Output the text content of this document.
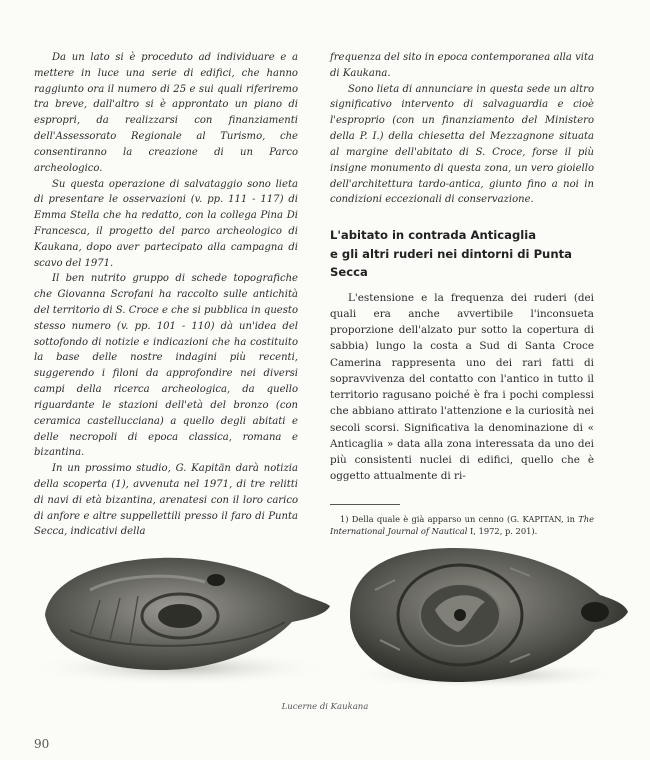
Da un lato si è proceduto ad individuare e a mettere in luce una serie di edifici, che hanno raggiunto ora il numero di 25 e sui quali riferiremo tra breve, dall'altro si è approntato un piano di espropri, da realizzarsi con finanziamenti dell'Assessorato Regionale al Turismo, che consentiranno la creazione di un Parco archeologico.

Su questa operazione di salvataggio sono lieta di presentare le osservazioni (v. pp. 111 - 117) di Emma Stella che ha redatto, con la collega Pina Di Francesca, il progetto del parco archeologico di Kaukana, dopo aver partecipato alla campagna di scavo del 1971.

Il ben nutrito gruppo di schede topografiche che Giovanna Scrofani ha raccolto sulle antichità del territorio di S. Croce e che si pubblica in questo stesso numero (v. pp. 101 - 110) dà un'idea del sottofondo di notizie e indicazioni che ha costituito la base delle nostre indagini più recenti, suggerendo i filoni da approfondire nei diversi campi della ricerca archeologica, da quello riguardante le stazioni dell'età del bronzo (con ceramica castellucciana) a quello degli abitati e delle necropoli di epoca classica, romana e bizantina.

In un prossimo studio, G. Kapitän darà notizia della scoperta (1), avvenuta nel 1971, di tre relitti di navi di età bizantina, arenatesi con il loro carico di anfore e altre suppellettili presso il faro di Punta Secca, indicativi della

frequenza del sito in epoca contemporanea alla vita di Kaukana.

Sono lieta di annunciare in questa sede un altro significativo intervento di salvaguardia e cioè l'esproprio (con un finanziamento del Ministero della P. I.) della chiesetta del Mezzagnone situata al margine dell'abitato di S. Croce, forse il più insigne monumento di questa zona, un vero gioiello dell'architettura tardo-antica, giunto fino a noi in condizioni eccezionali di conservazione.

L'abitato in contrada Anticaglia
e gli altri ruderi nei dintorni di Punta Secca

L'estensione e la frequenza dei ruderi (dei quali era anche avvertibile l'inconsueta proporzione dell'alzato pur sotto la copertura di sabbia) lungo la costa a Sud di Santa Croce Camerina rappresenta uno dei rari fatti di sopravvivenza del contatto con l'antico in tutto il territorio ragusano poiché è fra i pochi complessi che abbiano attirato l'attenzione e la curiosità nei secoli scorsi. Significativa la denominazione di « Anticaglia » data alla zona interessata da uno dei più consistenti nuclei di edifici, quello che è oggetto attualmente di ri-

1) Della quale è già apparso un cenno (G. KAPITAN, in The International Journal of Nautical I, 1972, p. 201).

Lucerne di Kaukana
90
